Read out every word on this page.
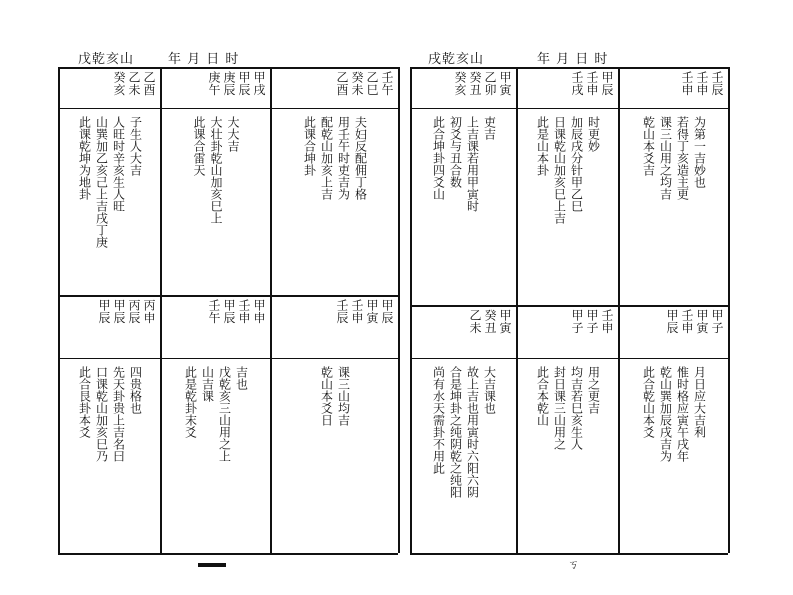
戊乾亥山	年 月 日 时
乙酉
乙未
癸亥
子生人大吉
人旺时辛亥生人旺
山巽加乙亥己上吉戌丁庚
此课乾坤为地卦
甲戌
甲辰
庚辰
庚午
大大吉
大壮卦乾山加亥巳上
此课合雷天
壬午
乙巳
癸未
乙酉
夫妇反配佣丁格
用壬午时吏吉为
配乾山加亥上吉
此课合坤卦
丙申
丙辰
甲辰
甲辰
四贵格也
先天卦贵上吉名曰
口课乾山加亥巳乃
此合艮卦本爻
甲申
壬申
甲辰
壬午
吉也
戊乾亥三山用之上
山吉课
此是乾卦末爻
甲辰
甲寅
壬申
壬辰
课三山均吉
乾山本爻日
戌乾亥山	年 月 日 时
甲寅
乙卯
癸丑
癸亥
吏吉
上吉课若用甲寅时
初爻与丑合数
此合坤卦四爻山
甲辰
壬申
壬戌
时更妙
加辰戌分针甲乙巳
日课乾山加亥巳上吉
此是山本卦
壬辰
壬申
壬申
为第一吉妙也
若得丁亥造主更
课三山用之均吉
乾山本爻吉
甲寅
癸丑
乙未
大吉课也
故上吉也用寅时六阳六阴
合是坤卦之纯阴乾之纯阳
尚有水天需卦不用此
壬申
甲子
甲子
用之更吉
均吉若巳亥生人
封日课三山用之
此合本乾山
甲子
甲寅
壬申
甲辰
月日应大吉利
惟时格应寅午戌年
乾山巽加辰戌吉为
此合乾山本爻
ㄎ
